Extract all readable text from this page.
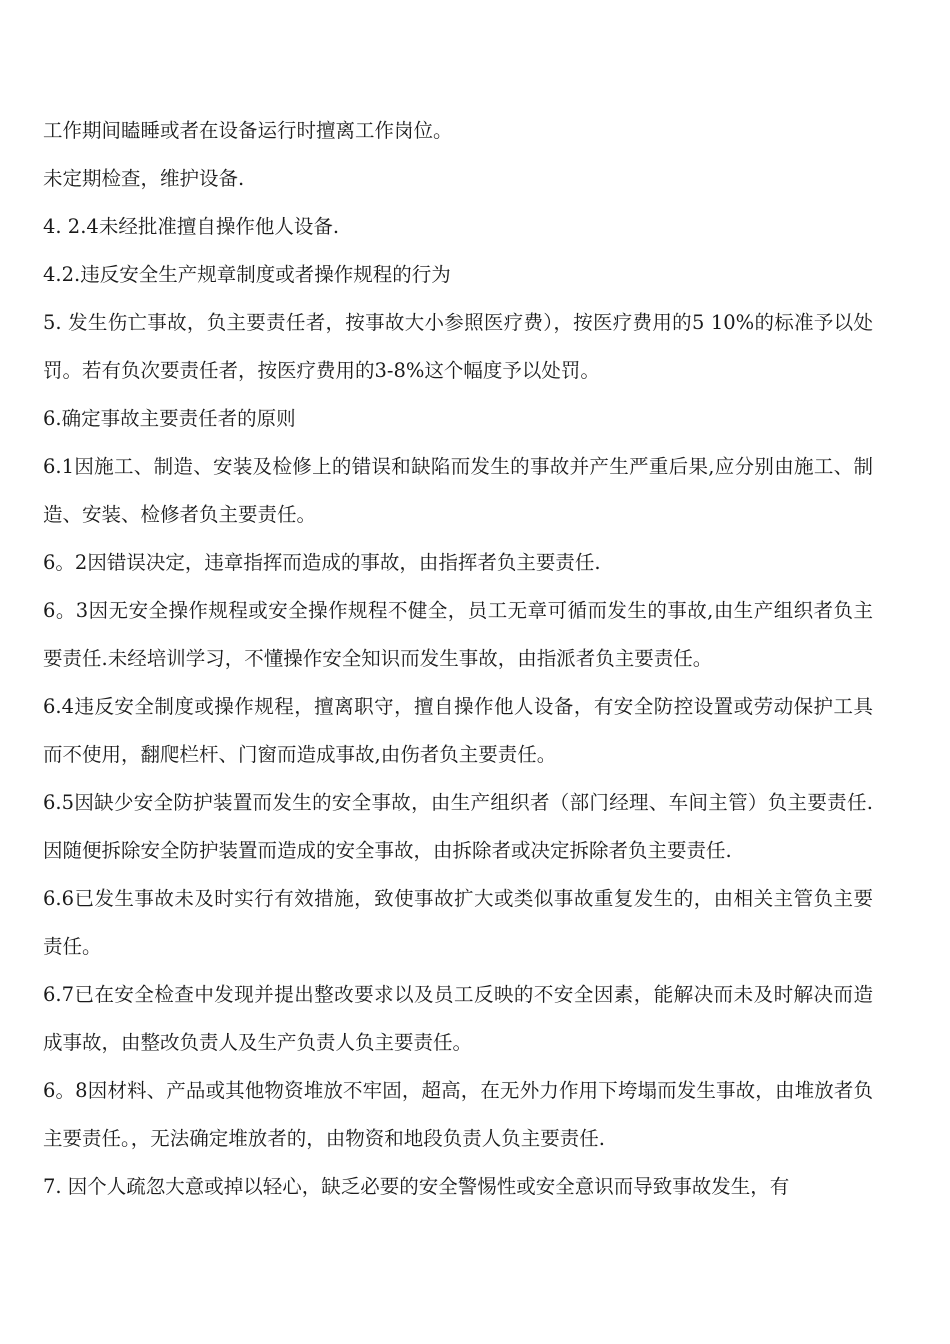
工作期间瞌睡或者在设备运行时擅离工作岗位。

未定期检查，维护设备.

4. 2.4未经批准擅自操作他人设备.

4.2.违反安全生产规章制度或者操作规程的行为

5. 发生伤亡事故，负主要责任者，按事故大小参照医疗费），按医疗费用的5 10%的标准予以处罚。若有负次要责任者，按医疗费用的3-8%这个幅度予以处罚。

6.确定事故主要责任者的原则

6.1因施工、制造、安装及检修上的错误和缺陷而发生的事故并产生严重后果,应分别由施工、制造、安装、检修者负主要责任。

6。2因错误决定，违章指挥而造成的事故，由指挥者负主要责任.

6。3因无安全操作规程或安全操作规程不健全，员工无章可循而发生的事故,由生产组织者负主要责任.未经培训学习，不懂操作安全知识而发生事故，由指派者负主要责任。

6.4违反安全制度或操作规程，擅离职守，擅自操作他人设备，有安全防控设置或劳动保护工具而不使用，翻爬栏杆、门窗而造成事故,由伤者负主要责任。

6.5因缺少安全防护装置而发生的安全事故，由生产组织者（部门经理、车间主管）负主要责任.因随便拆除安全防护装置而造成的安全事故，由拆除者或决定拆除者负主要责任.

6.6已发生事故未及时实行有效措施，致使事故扩大或类似事故重复发生的，由相关主管负主要责任。

6.7已在安全检查中发现并提出整改要求以及员工反映的不安全因素，能解决而未及时解决而造成事故，由整改负责人及生产负责人负主要责任。

6。8因材料、产品或其他物资堆放不牢固，超高，在无外力作用下垮塌而发生事故，由堆放者负主要责任。，无法确定堆放者的，由物资和地段负责人负主要责任.

7. 因个人疏忽大意或掉以轻心，缺乏必要的安全警惕性或安全意识而导致事故发生，有
